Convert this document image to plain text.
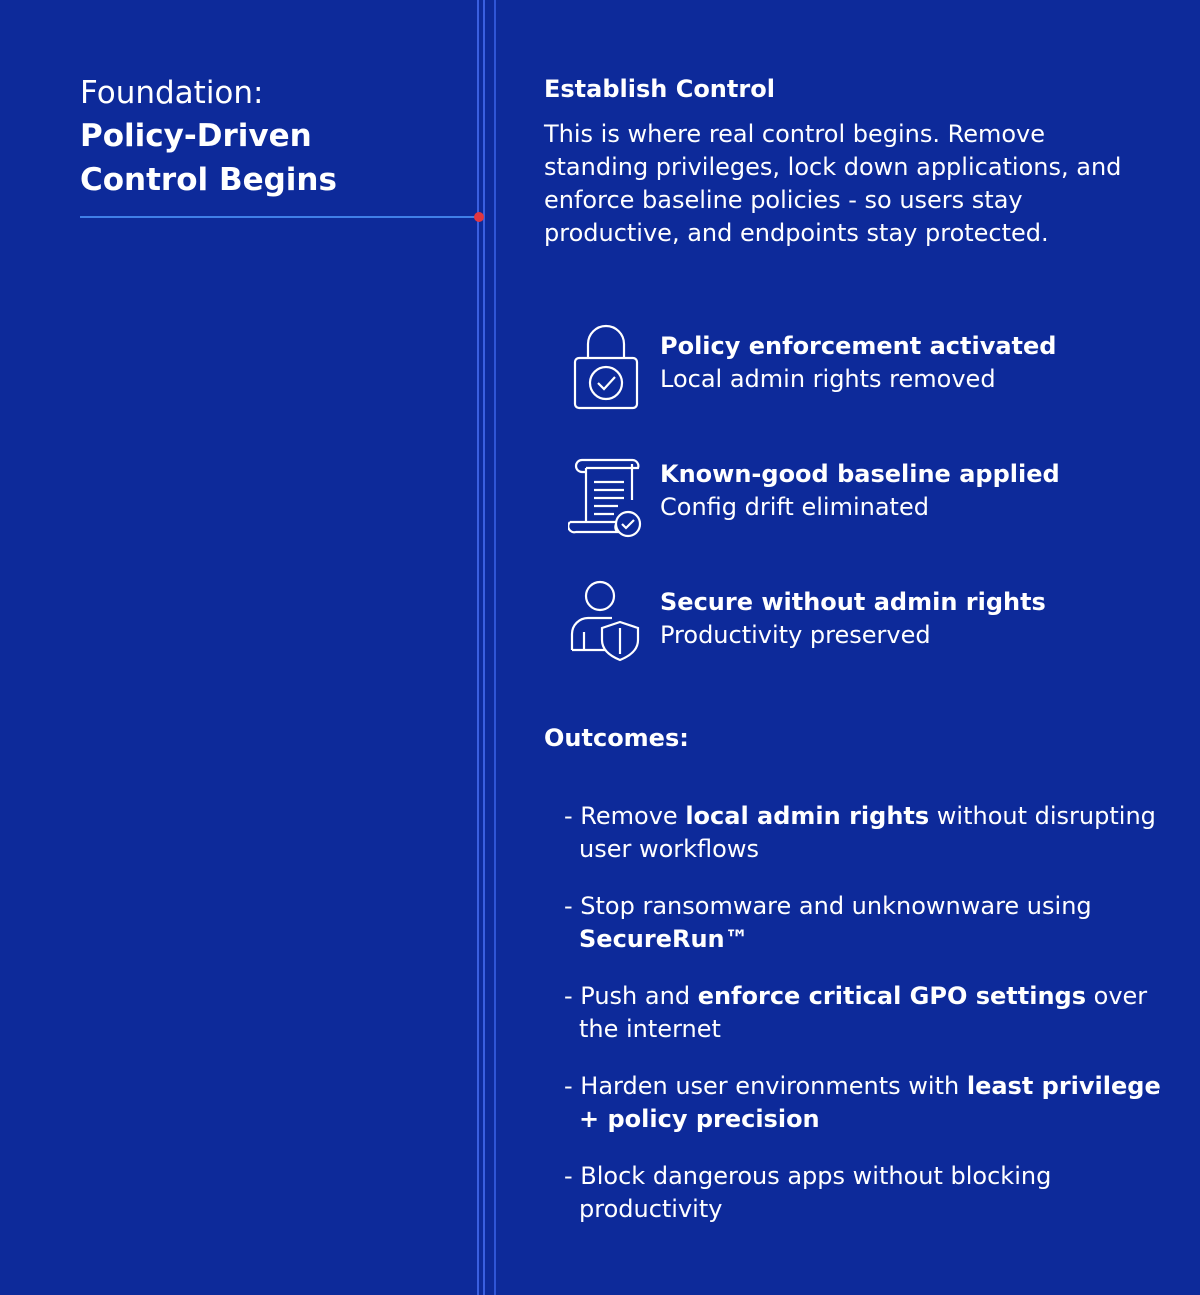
Foundation:
Policy-Driven
Control Begins

Establish Control

This is where real control begins. Remove standing privileges, lock down applications, and enforce baseline policies - so users stay productive, and endpoints stay protected.

Policy enforcement activated
Local admin rights removed
Known-good baseline applied
Config drift eliminated
Secure without admin rights
Productivity preserved
Outcomes:
- Remove local admin rights without disrupting user workflows
- Stop ransomware and unknownware using SecureRun™
- Push and enforce critical GPO settings over the internet
- Harden user environments with least privilege + policy precision
- Block dangerous apps without blocking productivity
